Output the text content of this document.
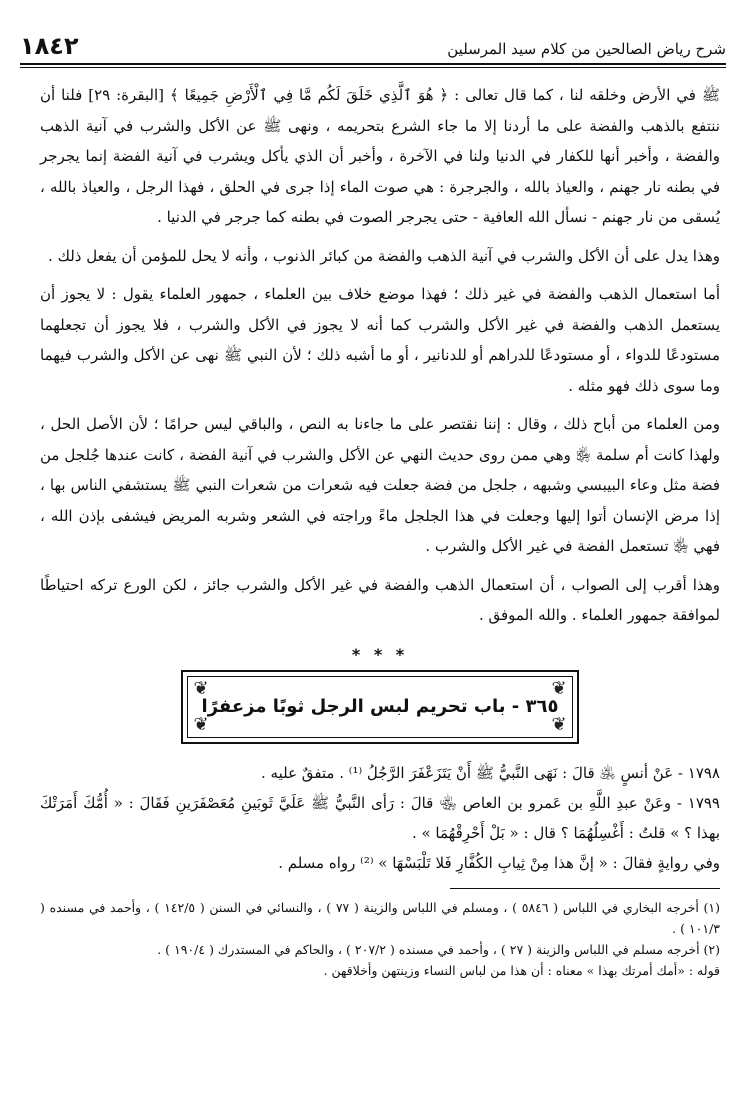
١٨٤٢	شرح رياض الصالحين من كلام سيد المرسلين

ﷺ في الأرض وخلقه لنا ، كما قال تعالى : ﴿ هُوَ ٱلَّذِي خَلَقَ لَكُم مَّا فِي ٱلْأَرْضِ جَمِيعًا ﴾ [البقرة: ٢٩] فلنا أن ننتفع بالذهب والفضة على ما أردنا إلا ما جاء الشرع بتحريمه ، ونهى ﷺ عن الأكل والشرب في آنية الذهب والفضة ، وأخبر أنها للكفار في الدنيا ولنا في الآخرة ، وأخبر أن الذي يأكل ويشرب في آنية الفضة إنما يجرجر في بطنه نار جهنم ، والعياذ بالله ، والجرجرة : هي صوت الماء إذا جرى في الحلق ، فهذا الرجل ، والعياذ بالله ، يُسقى من نار جهنم - نسأل الله العافية - حتى يجرجر الصوت في بطنه كما جرجر في الدنيا .

وهذا يدل على أن الأكل والشرب في آنية الذهب والفضة من كبائر الذنوب ، وأنه لا يحل للمؤمن أن يفعل ذلك .

أما استعمال الذهب والفضة في غير ذلك ؛ فهذا موضع خلاف بين العلماء ، جمهور العلماء يقول : لا يجوز أن يستعمل الذهب والفضة في غير الأكل والشرب كما أنه لا يجوز في الأكل والشرب ، فلا يجوز أن تجعلهما مستودعًا للدواء ، أو مستودعًا للدراهم أو للدنانير ، أو ما أشبه ذلك ؛ لأن النبي ﷺ نهى عن الأكل والشرب فيهما وما سوى ذلك فهو مثله .

ومن العلماء من أباح ذلك ، وقال : إننا نقتصر على ما جاءنا به النص ، والباقي ليس حرامًا ؛ لأن الأصل الحل ، ولهذا كانت أم سلمة ﵂ وهي ممن روى حديث النهي عن الأكل والشرب في آنية الفضة ، كانت عندها جُلجل من فضة مثل وعاء البيبسي وشبهه ، جلجل من فضة جعلت فيه شعرات من شعرات النبي ﷺ يستشفي الناس بها ، إذا مرض الإنسان أتوا إليها وجعلت في هذا الجلجل ماءً وراجته في الشعر وشربه المريض فيشفى بإذن الله ، فهي ﵂ تستعمل الفضة في غير الأكل والشرب .

وهذا أقرب إلى الصواب ، أن استعمال الذهب والفضة في غير الأكل والشرب جائز ، لكن الورع تركه احتياطًا لموافقة جمهور العلماء . والله الموفق .

* * *
❦	❦
❦	❦
٣٦٥ - باب تحريم لبس الرجل ثوبًا مزعفرًا

١٧٩٨ - عَنْ أنسٍ ﵁ قالَ : نَهَى النَّبيُّ ﷺ أَنْ يَتَزَعْفَرَ الرَّجُلُ ⁽¹⁾ . متفقٌ عليه .

١٧٩٩ - وعَنْ عبدِ اللَّهِ بن عَمرو بن العاص ﵄ قالَ : رَأى النَّبيُّ ﷺ عَلَيَّ ثَوبَينِ مُعَصْفَرَينِ فَقَالَ : « أُمُّكَ أَمَرَتْكَ بهذا ؟ » قلتُ : أَغْسِلُهُمَا ؟ قال : « بَلْ أَحْرِقْهُمَا » .

وفي روايةٍ فقالَ : « إنَّ هذا مِنْ ثِيابِ الكُفَّارِ فَلا تَلْبَسْهَا » ⁽²⁾ رواه مسلم .

(١) أخرجه البخاري في اللباس ( ٥٨٤٦ ) ، ومسلم في اللباس والزينة ( ٧٧ ) ، والنسائي في السنن ( ١٤٢/٥ ) ، وأحمد في مسنده ( ١٠١/٣ ) .

(٢) أخرجه مسلم في اللباس والزينة ( ٢٧ ) ، وأحمد في مسنده ( ٢٠٧/٢ ) ، والحاكم في المستدرك ( ١٩٠/٤ ) .

قوله : «أمك أمرتك بهذا » معناه : أن هذا من لباس النساء وزينتهن وأخلاقهن .
